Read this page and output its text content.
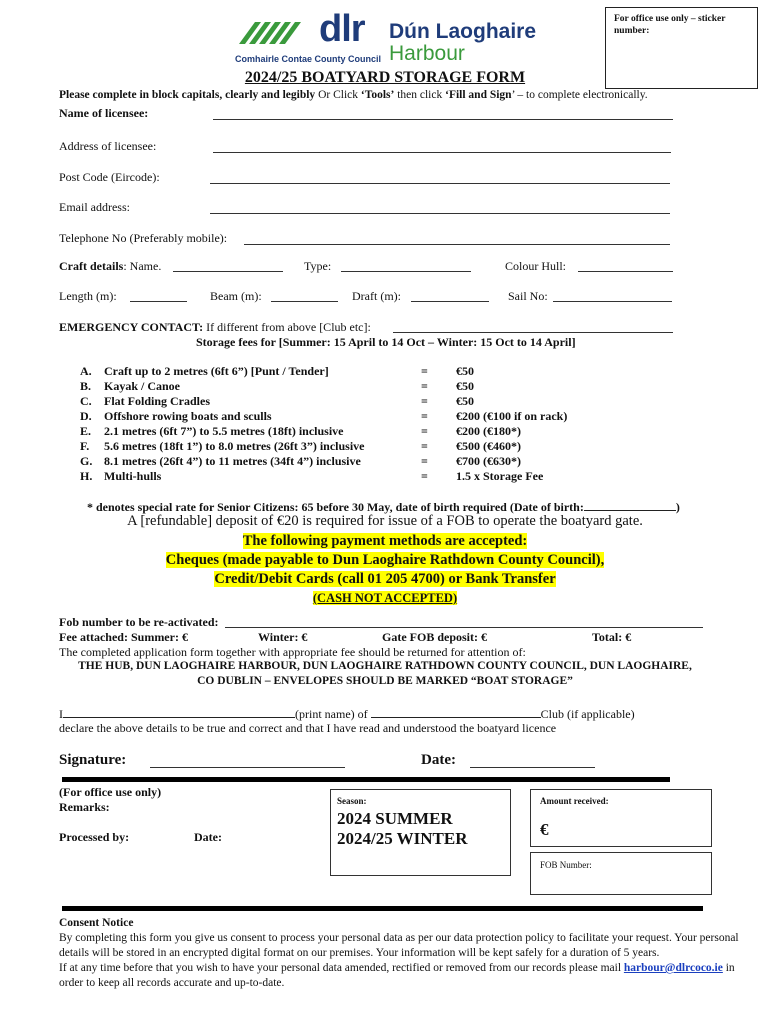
dlr
Comhairle Contae County Council
Dún Laoghaire
Harbour
For office use only – sticker number:
2024/25 BOATYARD STORAGE FORM
Please complete in block capitals, clearly and legibly Or Click ‘Tools’ then click ‘Fill and Sign’ – to complete electronically.
Name of licensee:
Address of licensee:
Post Code (Eircode):
Email address:
Telephone No (Preferably mobile):
Craft details: Name.	Type:	Colour Hull:
Length (m):	Beam (m):	Draft (m):	Sail No:
EMERGENCY CONTACT: If different from above [Club etc]:
Storage fees for [Summer: 15 April to 14 Oct – Winter: 15 Oct to 14 April]
A.	Craft up to 2 metres (6ft 6”) [Punt / Tender]	=	€50
B.	Kayak / Canoe	=	€50
C.	Flat Folding Cradles	=	€50
D.	Offshore rowing boats and sculls	=	€200 (€100 if on rack)
E.	2.1 metres (6ft 7”) to 5.5 metres (18ft) inclusive	=	€200 (€180*)
F.	5.6 metres (18ft 1”) to 8.0 metres (26ft 3”) inclusive	=	€500 (€460*)
G. 8.1 metres (26ft 4”) to 11 metres (34ft 4”) inclusive	=	€700 (€630*)
H. Multi-hulls	=	1.5 x Storage Fee
* denotes special rate for Senior Citizens: 65 before 30 May, date of birth required (Date of birth:	)
A [refundable] deposit of €20 is required for issue of a FOB to operate the boatyard gate.
The following payment methods are accepted:
Cheques (made payable to Dun Laoghaire Rathdown County Council),
Credit/Debit Cards (call 01 205 4700) or Bank Transfer
(CASH NOT ACCEPTED)
Fob number to be re-activated:
Fee attached: Summer: €	Winter: €	Gate FOB deposit: €	Total: €
The completed application form together with appropriate fee should be returned for attention of:
THE HUB, DUN LAOGHAIRE HARBOUR, DUN LAOGHAIRE RATHDOWN COUNTY COUNCIL, DUN LAOGHAIRE,
CO DUBLIN – ENVELOPES SHOULD BE MARKED “BOAT STORAGE”
I	(print name) of	Club (if applicable)
declare the above details to be true and correct and that I have read and understood the boatyard licence
Signature:	Date:
(For office use only)
Remarks:
Processed by:	Date:
Season:
2024 SUMMER
2024/25 WINTER
Amount received:
€
FOB Number:
Consent Notice
By completing this form you give us consent to process your personal data as per our data protection policy to facilitate your request. Your personal details will be stored in an encrypted digital format on our premises. Your information will be kept safely for a duration of 5 years.
If at any time before that you wish to have your personal data amended, rectified or removed from our records please mail harbour@dlrcoco.ie in order to keep all records accurate and up-to-date.
